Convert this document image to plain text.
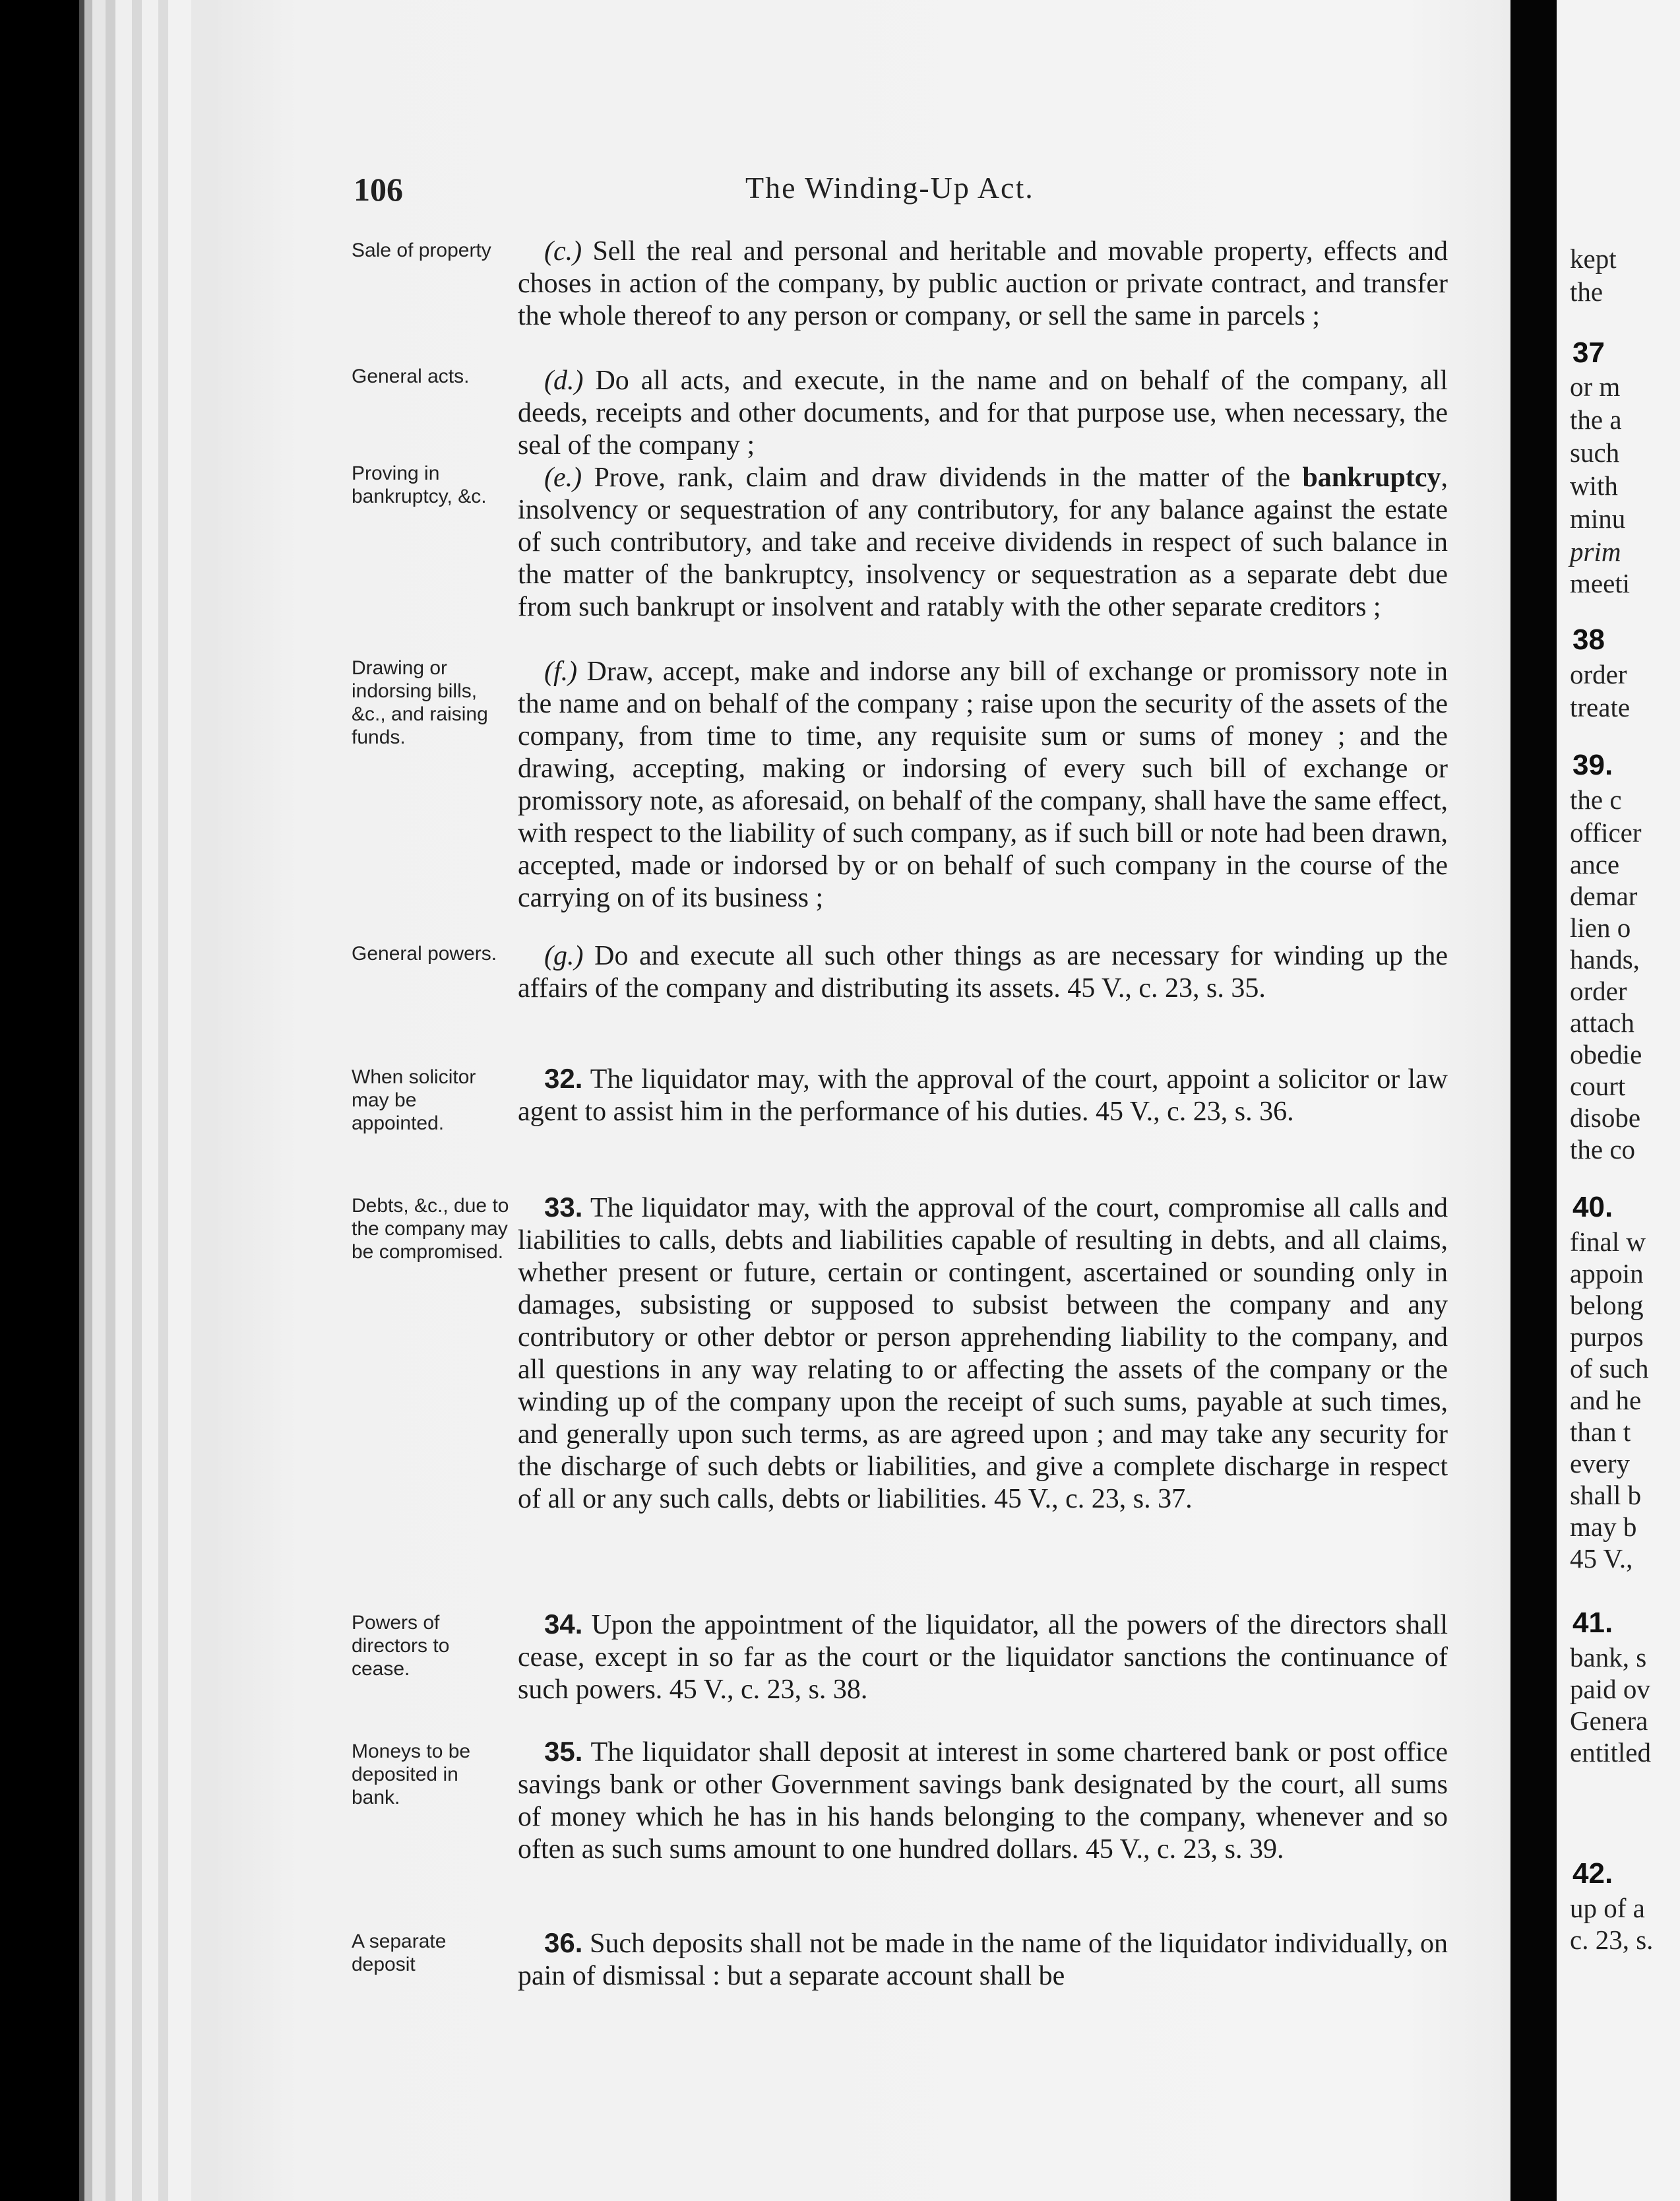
106	The Winding-Up Act.
Sale of property
General acts.
Proving in bankruptcy, &c.
Drawing or indorsing bills, &c., and raising funds.
General powers.
When solicitor may be appointed.
Debts, &c., due to the company may be compromised.
Powers of directors to cease.
Moneys to be deposited in bank.
A separate deposit
(c.) Sell the real and personal and heritable and movable property, effects and choses in action of the company, by public auction or private contract, and transfer the whole thereof to any person or company, or sell the same in parcels ;
(d.) Do all acts, and execute, in the name and on behalf of the company, all deeds, receipts and other documents, and for that purpose use, when necessary, the seal of the company ;
(e.) Prove, rank, claim and draw dividends in the matter of the bankruptcy, insolvency or sequestration of any contributory, for any balance against the estate of such contributory, and take and receive dividends in respect of such balance in the matter of the bankruptcy, insolvency or sequestration as a separate debt due from such bankrupt or insolvent and ratably with the other separate creditors ;
(f.) Draw, accept, make and indorse any bill of exchange or promissory note in the name and on behalf of the company ; raise upon the security of the assets of the company, from time to time, any requisite sum or sums of money ; and the drawing, accepting, making or indorsing of every such bill of exchange or promissory note, as aforesaid, on behalf of the company, shall have the same effect, with respect to the liability of such company, as if such bill or note had been drawn, accepted, made or indorsed by or on behalf of such company in the course of the carrying on of its business ;
(g.) Do and execute all such other things as are necessary for winding up the affairs of the company and distributing its assets. 45 V., c. 23, s. 35.
32. The liquidator may, with the approval of the court, appoint a solicitor or law agent to assist him in the performance of his duties. 45 V., c. 23, s. 36.
33. The liquidator may, with the approval of the court, compromise all calls and liabilities to calls, debts and liabilities capable of resulting in debts, and all claims, whether present or future, certain or contingent, ascertained or sounding only in damages, subsisting or supposed to subsist between the company and any contributory or other debtor or person apprehending liability to the company, and all questions in any way relating to or affecting the assets of the company or the winding up of the company upon the receipt of such sums, payable at such times, and generally upon such terms, as are agreed upon ; and may take any security for the discharge of such debts or liabilities, and give a complete discharge in respect of all or any such calls, debts or liabilities. 45 V., c. 23, s. 37.
34. Upon the appointment of the liquidator, all the powers of the directors shall cease, except in so far as the court or the liquidator sanctions the continuance of such powers. 45 V., c. 23, s. 38.
35. The liquidator shall deposit at interest in some chartered bank or post office savings bank or other Government savings bank designated by the court, all sums of money which he has in his hands belonging to the company, whenever and so often as such sums amount to one hundred dollars. 45 V., c. 23, s. 39.
36. Such deposits shall not be made in the name of the liquidator individually, on pain of dismissal : but a separate account shall be
kept
the
37
or m
the a
such
with
minu
prim
meeti
38
order
treate
39.
the c
officer
ance
demar
lien o
hands,
order
attach
obedie
court
disobe
the co
40.
final w
appoin
belong
purpos
of such
and he
than t
every
shall b
may b
45 V.,
41.
bank, s
paid ov
Genera
entitled
42.
up of a
c. 23, s.
